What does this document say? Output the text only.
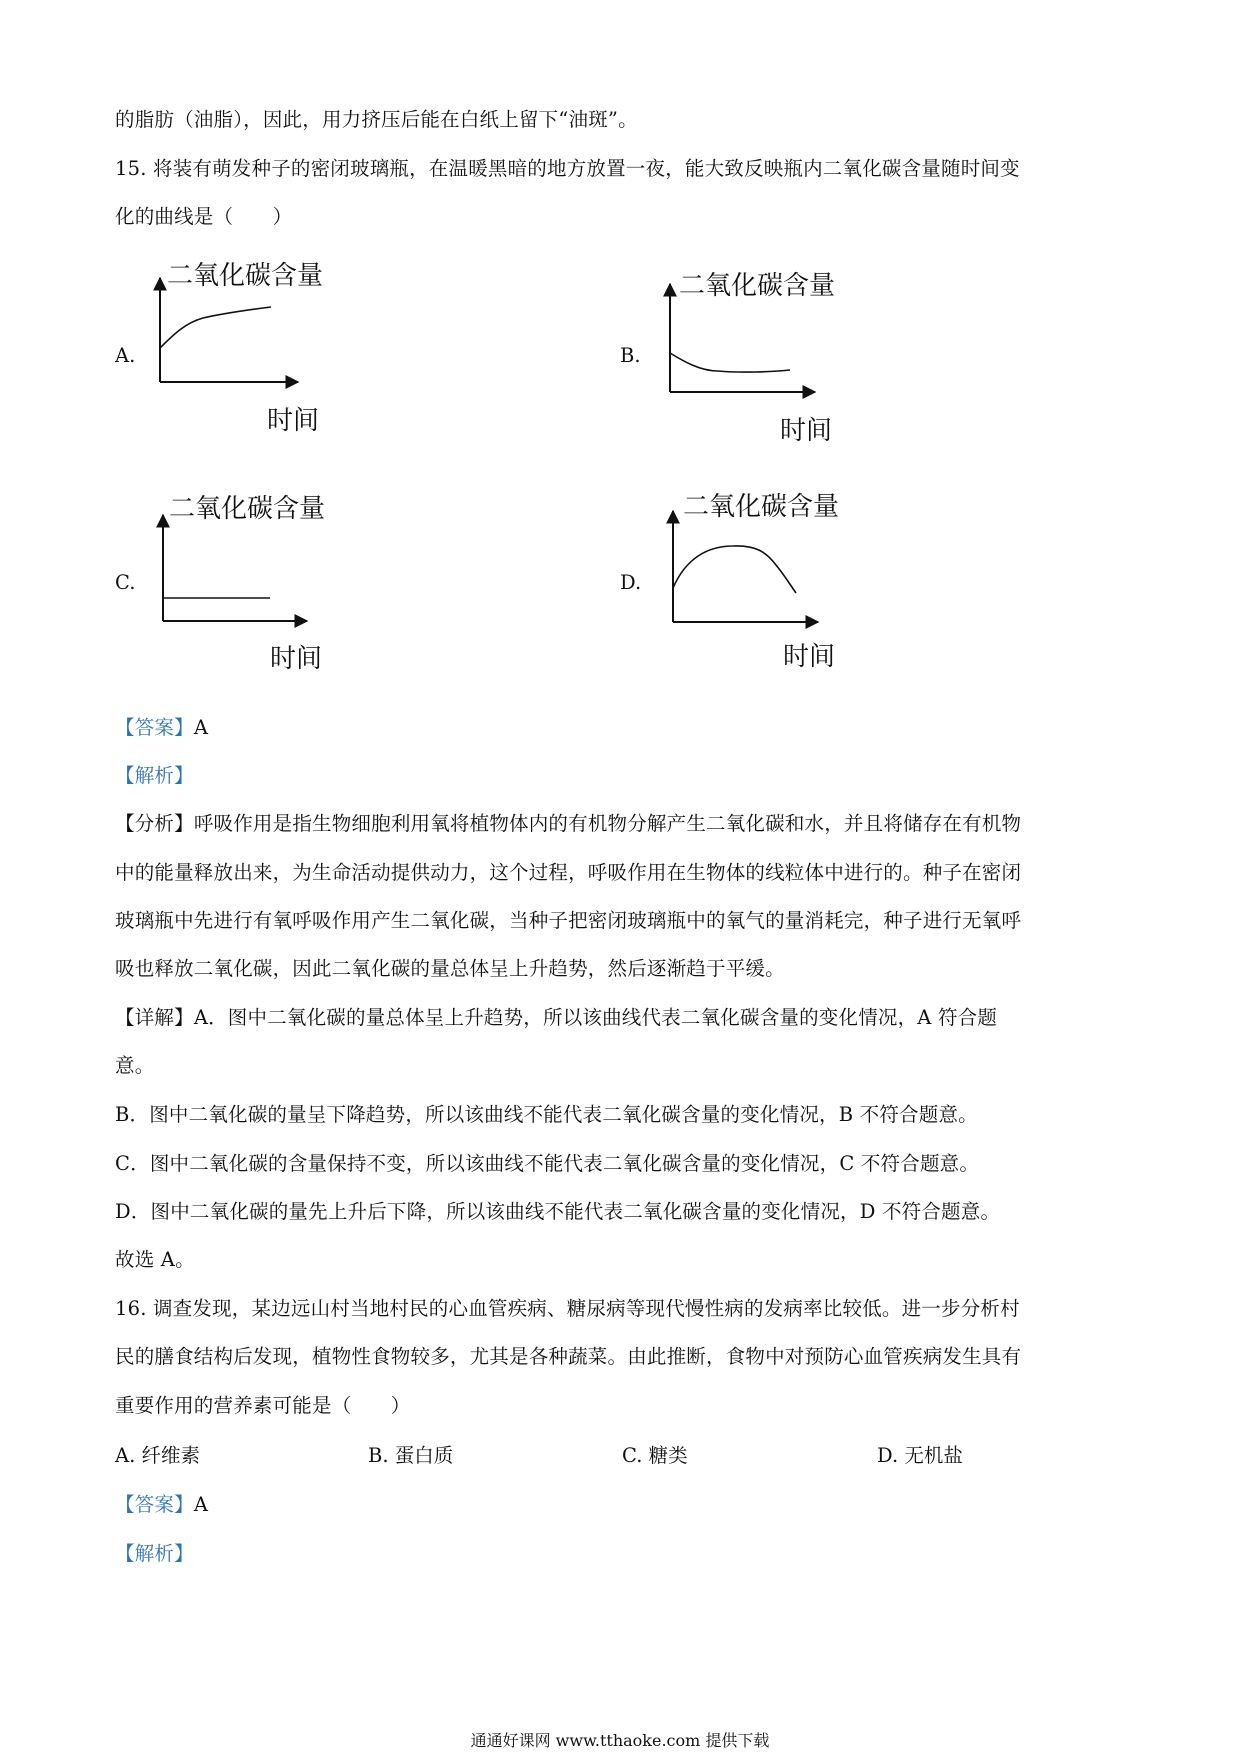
的脂肪（油脂），因此，用力挤压后能在白纸上留下“油斑”。
15. 将装有萌发种子的密闭玻璃瓶，在温暖黑暗的地方放置一夜，能大致反映瓶内二氧化碳含量随时间变
化的曲线是（　　）
A.
二氧化碳含量
时间
B.
二氧化碳含量
时间
C.
二氧化碳含量
时间
D.
二氧化碳含量
时间
【答案】A
【解析】
【分析】呼吸作用是指生物细胞利用氧将植物体内的有机物分解产生二氧化碳和水，并且将储存在有机物
中的能量释放出来，为生命活动提供动力，这个过程，呼吸作用在生物体的线粒体中进行的。种子在密闭
玻璃瓶中先进行有氧呼吸作用产生二氧化碳，当种子把密闭玻璃瓶中的氧气的量消耗完，种子进行无氧呼
吸也释放二氧化碳，因此二氧化碳的量总体呈上升趋势，然后逐渐趋于平缓。
【详解】A．图中二氧化碳的量总体呈上升趋势，所以该曲线代表二氧化碳含量的变化情况，A 符合题
意。
B．图中二氧化碳的量呈下降趋势，所以该曲线不能代表二氧化碳含量的变化情况，B 不符合题意。
C．图中二氧化碳的含量保持不变，所以该曲线不能代表二氧化碳含量的变化情况，C 不符合题意。
D．图中二氧化碳的量先上升后下降，所以该曲线不能代表二氧化碳含量的变化情况，D 不符合题意。
故选 A。
16. 调查发现，某边远山村当地村民的心血管疾病、糖尿病等现代慢性病的发病率比较低。进一步分析村
民的膳食结构后发现，植物性食物较多，尤其是各种蔬菜。由此推断，食物中对预防心血管疾病发生具有
重要作用的营养素可能是（　　）
A. 纤维素	B. 蛋白质	C. 糖类	D. 无机盐
【答案】A
【解析】
通通好课网 www.tthaoke.com 提供下载
